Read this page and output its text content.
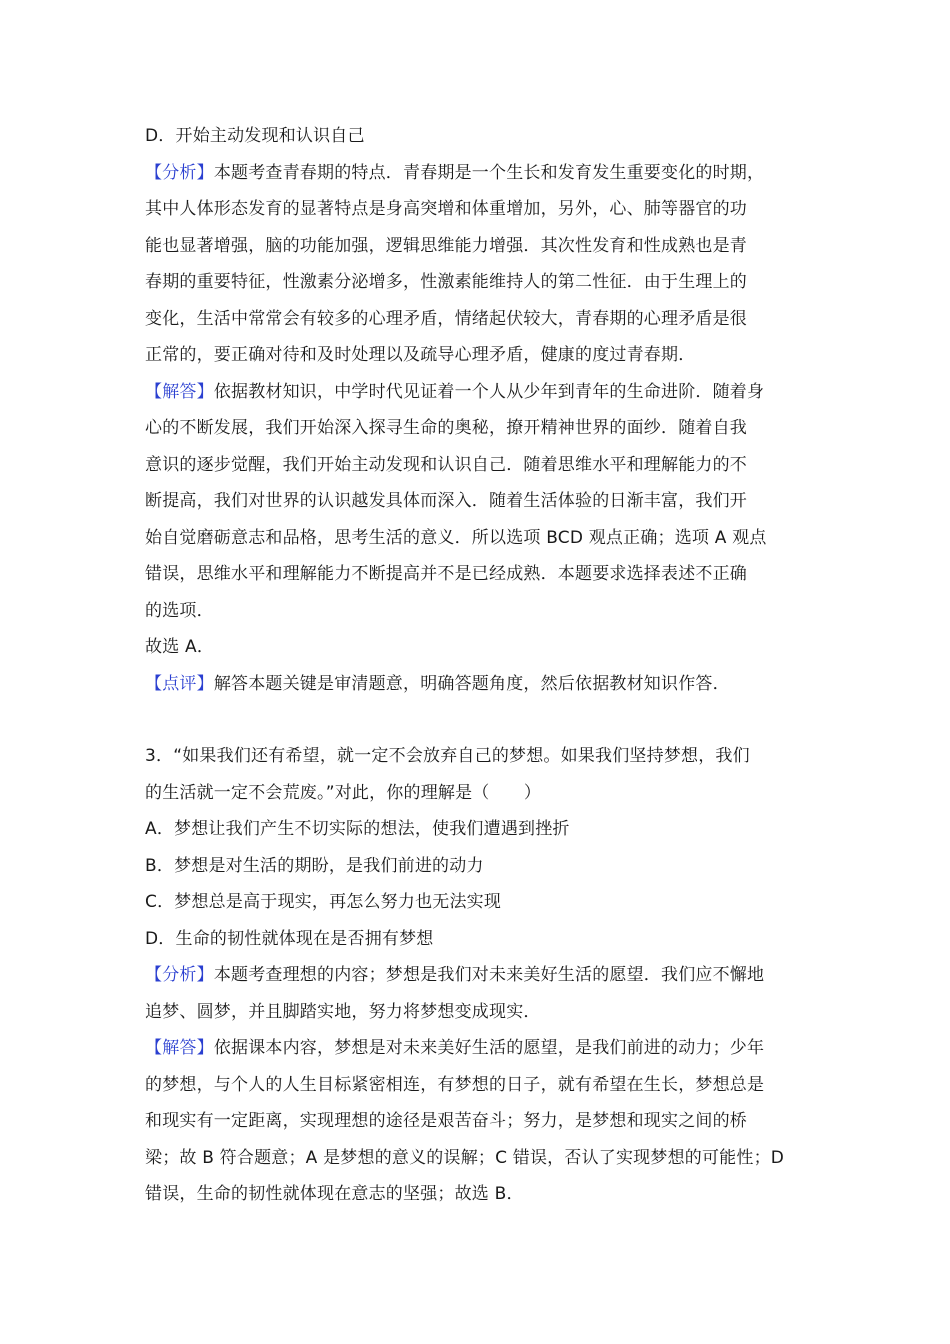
D．开始主动发现和认识自己
【分析】本题考查青春期的特点．青春期是一个生长和发育发生重要变化的时期，
其中人体形态发育的显著特点是身高突增和体重增加，另外，心、肺等器官的功
能也显著增强，脑的功能加强，逻辑思维能力增强．其次性发育和性成熟也是青
春期的重要特征，性激素分泌增多，性激素能维持人的第二性征．由于生理上的
变化，生活中常常会有较多的心理矛盾，情绪起伏较大，青春期的心理矛盾是很
正常的，要正确对待和及时处理以及疏导心理矛盾，健康的度过青春期．
【解答】依据教材知识，中学时代见证着一个人从少年到青年的生命进阶．随着身
心的不断发展，我们开始深入探寻生命的奥秘，撩开精神世界的面纱．随着自我
意识的逐步觉醒，我们开始主动发现和认识自己．随着思维水平和理解能力的不
断提高，我们对世界的认识越发具体而深入．随着生活体验的日渐丰富，我们开
始自觉磨砺意志和品格，思考生活的意义．所以选项 BCD 观点正确；选项 A 观点
错误，思维水平和理解能力不断提高并不是已经成熟．本题要求选择表述不正确
的选项．
故选 A．
【点评】解答本题关键是审清题意，明确答题角度，然后依据教材知识作答．
3．“如果我们还有希望，就一定不会放弃自己的梦想。如果我们坚持梦想，我们
的生活就一定不会荒废。”对此，你的理解是（　　）
A．梦想让我们产生不切实际的想法，使我们遭遇到挫折
B．梦想是对生活的期盼，是我们前进的动力
C．梦想总是高于现实，再怎么努力也无法实现
D．生命的韧性就体现在是否拥有梦想
【分析】本题考查理想的内容；梦想是我们对未来美好生活的愿望．我们应不懈地
追梦、圆梦，并且脚踏实地，努力将梦想变成现实．
【解答】依据课本内容，梦想是对未来美好生活的愿望，是我们前进的动力；少年
的梦想，与个人的人生目标紧密相连，有梦想的日子，就有希望在生长，梦想总是
和现实有一定距离，实现理想的途径是艰苦奋斗；努力，是梦想和现实之间的桥
梁；故 B 符合题意；A 是梦想的意义的误解；C 错误，否认了实现梦想的可能性；D
错误，生命的韧性就体现在意志的坚强；故选 B．
